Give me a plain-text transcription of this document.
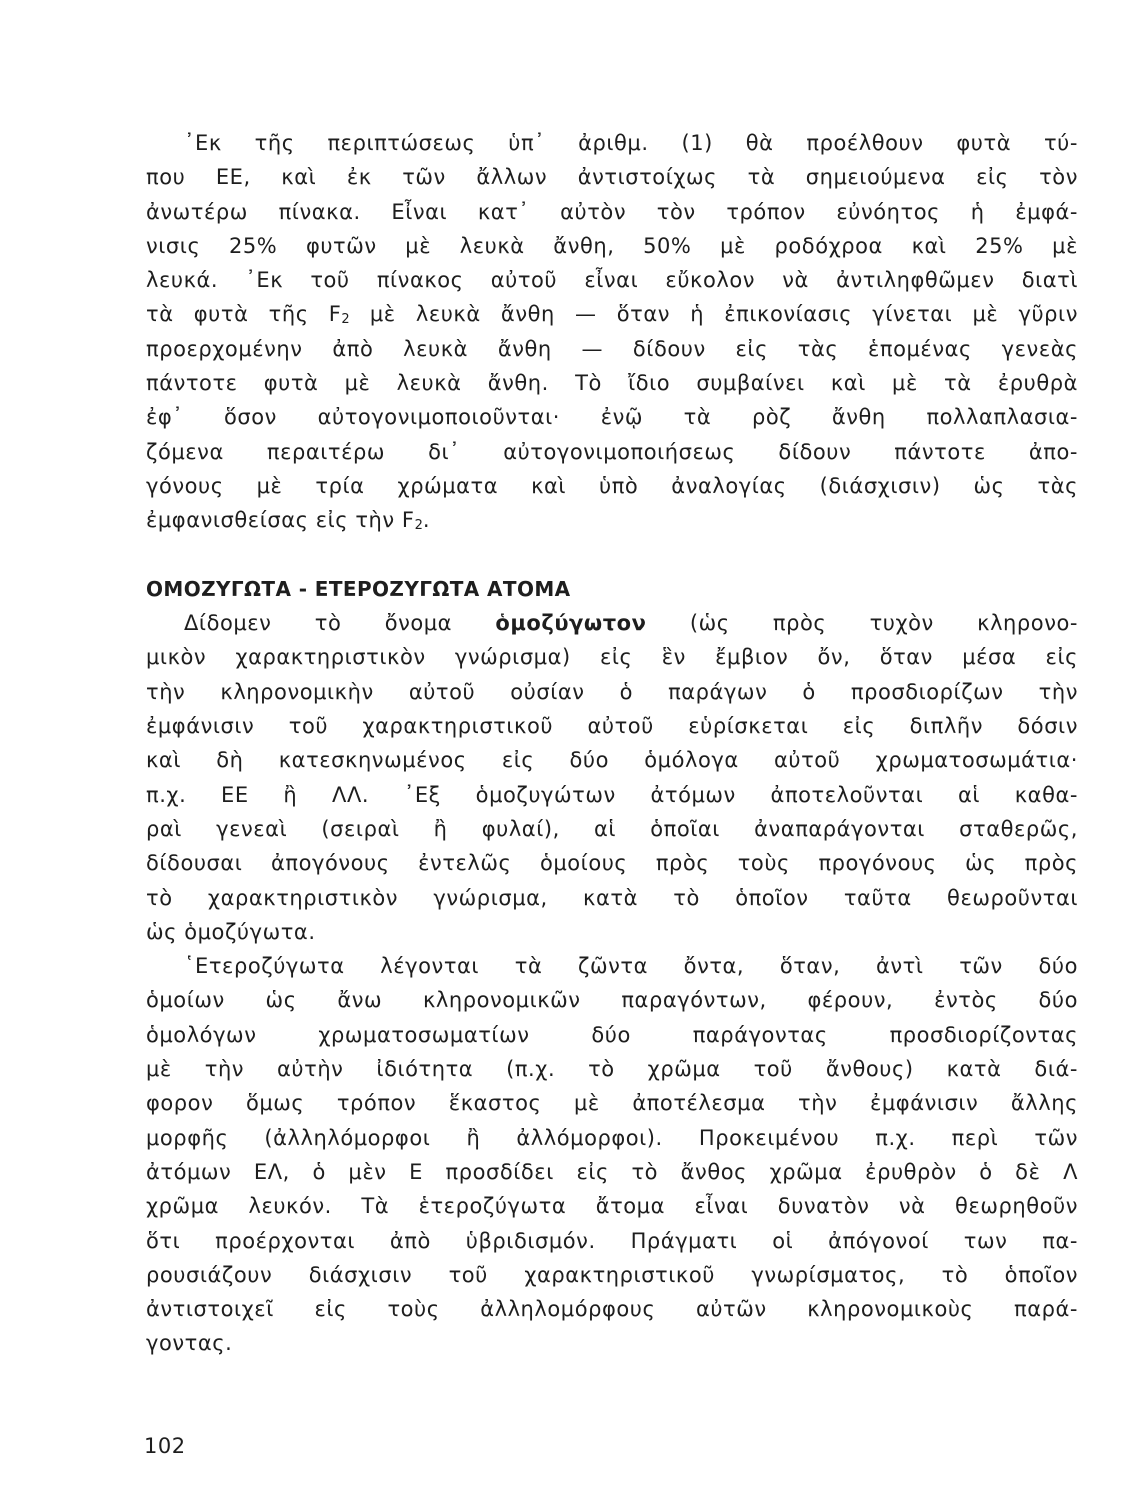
᾿Εκ τῆς περιπτώσεως ὑπ᾿ ἀριθμ. (1) θὰ προέλθουν φυτὰ τύ-
που ΕΕ, καὶ ἐκ τῶν ἄλλων ἀντιστοίχως τὰ σημειούμενα εἰς τὸν
ἀνωτέρω πίνακα. Εἶναι κατ᾿ αὐτὸν τὸν τρόπον εὐνόητος ἡ ἐμφά-
νισις 25% φυτῶν μὲ λευκὰ ἄνθη, 50% μὲ ροδόχροα καὶ 25% μὲ
λευκά. ᾿Εκ τοῦ πίνακος αὐτοῦ εἶναι εὔκολον νὰ ἀντιληφθῶμεν διατὶ
τὰ φυτὰ τῆς F2 μὲ λευκὰ ἄνθη — ὅταν ἡ ἐπικονίασις γίνεται μὲ γῦριν
προερχομένην ἀπὸ λευκὰ ἄνθη — δίδουν εἰς τὰς ἑπομένας γενεὰς
πάντοτε φυτὰ μὲ λευκὰ ἄνθη. Τὸ ἴδιο συμβαίνει καὶ μὲ τὰ ἐρυθρὰ
ἐφ᾿ ὅσον αὐτογονιμοποιοῦνται· ἐνῷ τὰ ρὸζ ἄνθη πολλαπλασια-
ζόμενα περαιτέρω δι᾿ αὐτογονιμοποιήσεως δίδουν πάντοτε ἀπο-
γόνους μὲ τρία χρώματα καὶ ὑπὸ ἀναλογίας (διάσχισιν) ὡς τὰς
ἐμφανισθείσας εἰς τὴν F2.
ΟΜΟΖΥΓΩΤΑ - ΕΤΕΡΟΖΥΓΩΤΑ ΑΤΟΜΑ
Δίδομεν τὸ ὄνομα ὁμοζύγωτον (ὡς πρὸς τυχὸν κληρονο-
μικὸν χαρακτηριστικὸν γνώρισμα) εἰς ἓν ἔμβιον ὄν, ὅταν μέσα εἰς
τὴν κληρονομικὴν αὐτοῦ οὐσίαν ὁ παράγων ὁ προσδιορίζων τὴν
ἐμφάνισιν τοῦ χαρακτηριστικοῦ αὐτοῦ εὑρίσκεται εἰς διπλῆν δόσιν
καὶ δὴ κατεσκηνωμένος εἰς δύο ὁμόλογα αὐτοῦ χρωματοσωμάτια·
π.χ. ΕΕ ἢ ΛΛ. ᾿Εξ ὁμοζυγώτων ἀτόμων ἀποτελοῦνται αἱ καθα-
ραὶ γενεαὶ (σειραὶ ἢ φυλαί), αἱ ὁποῖαι ἀναπαράγονται σταθερῶς,
δίδουσαι ἀπογόνους ἐντελῶς ὁμοίους πρὸς τοὺς προγόνους ὡς πρὸς
τὸ χαρακτηριστικὸν γνώρισμα, κατὰ τὸ ὁποῖον ταῦτα θεωροῦνται
ὡς ὁμοζύγωτα.
῾Ετεροζύγωτα λέγονται τὰ ζῶντα ὄντα, ὅταν, ἀντὶ τῶν δύο
ὁμοίων ὡς ἄνω κληρονομικῶν παραγόντων, φέρουν, ἐντὸς δύο
ὁμολόγων χρωματοσωματίων δύο παράγοντας προσδιορίζοντας
μὲ τὴν αὐτὴν ἰδιότητα (π.χ. τὸ χρῶμα τοῦ ἄνθους) κατὰ διά-
φορον ὅμως τρόπον ἕκαστος μὲ ἀποτέλεσμα τὴν ἐμφάνισιν ἄλλης
μορφῆς (ἀλληλόμορφοι ἢ ἀλλόμορφοι). Προκειμένου π.χ. περὶ τῶν
ἀτόμων ΕΛ, ὁ μὲν Ε προσδίδει εἰς τὸ ἄνθος χρῶμα ἐρυθρὸν ὁ δὲ Λ
χρῶμα λευκόν. Τὰ ἑτεροζύγωτα ἄτομα εἶναι δυνατὸν νὰ θεωρηθοῦν
ὅτι προέρχονται ἀπὸ ὑβριδισμόν. Πράγματι οἱ ἀπόγονοί των πα-
ρουσιάζουν διάσχισιν τοῦ χαρακτηριστικοῦ γνωρίσματος, τὸ ὁποῖον
ἀντιστοιχεῖ εἰς τοὺς ἀλληλομόρφους αὐτῶν κληρονομικοὺς παρά-
γοντας.
102
